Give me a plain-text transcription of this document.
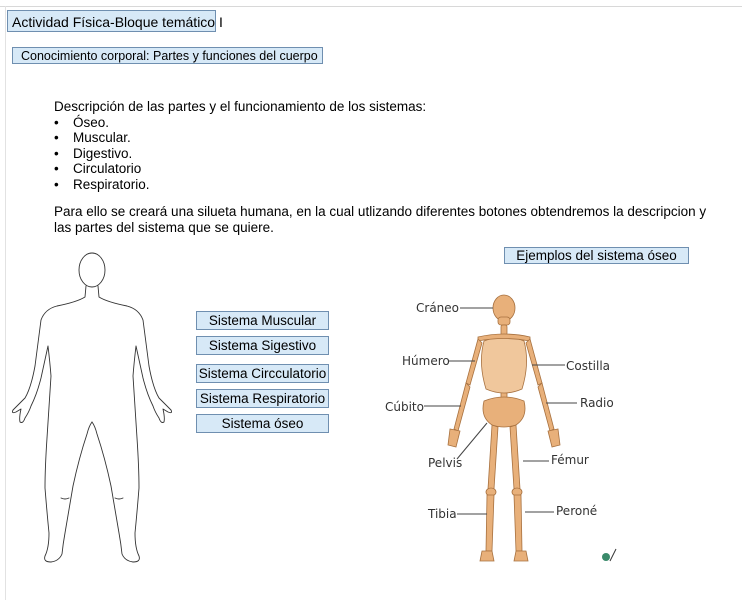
Actividad Física-Bloque temático I
Conocimiento corporal: Partes y funciones del cuerpo
Descripción de las partes y el funcionamiento de los sistemas:
• Óseo.
• Muscular.
• Digestivo.
• Circulatorio
• Respiratorio.
Para ello se creará una silueta humana, en la cual utlizando diferentes botones obtendremos la descripcion y las partes del sistema que se quiere.
Ejemplos del sistema óseo
Sistema Muscular
Sistema Sigestivo
Sistema Circculatorio
Sistema Respiratorio
Sistema óseo
Cráneo
Húmero	Costilla
Cúbito	Radio
Pelvis	Fémur
Tibia	Peroné
